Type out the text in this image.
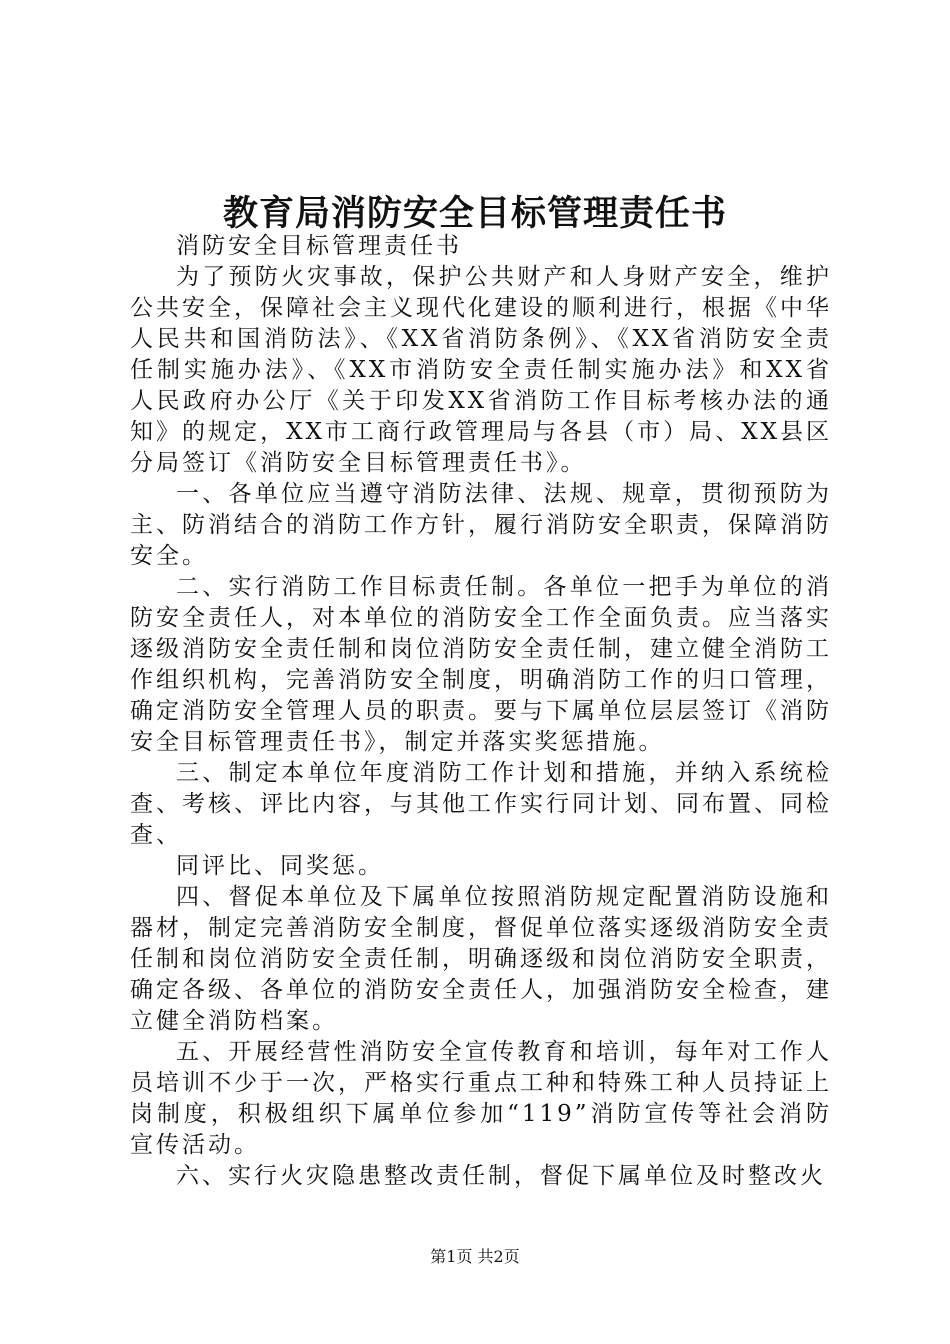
教育局消防安全目标管理责任书

消防安全目标管理责任书

为了预防火灾事故，保护公共财产和人身财产安全，维护公共安全，保障社会主义现代化建设的顺利进行，根据《中华人民共和国消防法》、《XX省消防条例》、《XX省消防安全责任制实施办法》、《XX市消防安全责任制实施办法》和XX省人民政府办公厅《关于印发XX省消防工作目标考核办法的通知》的规定，XX市工商行政管理局与各县（市）局、XX县区分局签订《消防安全目标管理责任书》。

一、各单位应当遵守消防法律、法规、规章，贯彻预防为主、防消结合的消防工作方针，履行消防安全职责，保障消防安全。

二、实行消防工作目标责任制。各单位一把手为单位的消防安全责任人，对本单位的消防安全工作全面负责。应当落实逐级消防安全责任制和岗位消防安全责任制，建立健全消防工作组织机构，完善消防安全制度，明确消防工作的归口管理，确定消防安全管理人员的职责。要与下属单位层层签订《消防安全目标管理责任书》，制定并落实奖惩措施。

三、制定本单位年度消防工作计划和措施，并纳入系统检查、考核、评比内容，与其他工作实行同计划、同布置、同检查、

同评比、同奖惩。

四、督促本单位及下属单位按照消防规定配置消防设施和器材，制定完善消防安全制度，督促单位落实逐级消防安全责任制和岗位消防安全责任制，明确逐级和岗位消防安全职责，确定各级、各单位的消防安全责任人，加强消防安全检查，建立健全消防档案。

五、开展经营性消防安全宣传教育和培训，每年对工作人员培训不少于一次，严格实行重点工种和特殊工种人员持证上岗制度，积极组织下属单位参加“119”消防宣传等社会消防宣传活动。

六、实行火灾隐患整改责任制，督促下属单位及时整改火

第1页 共2页
